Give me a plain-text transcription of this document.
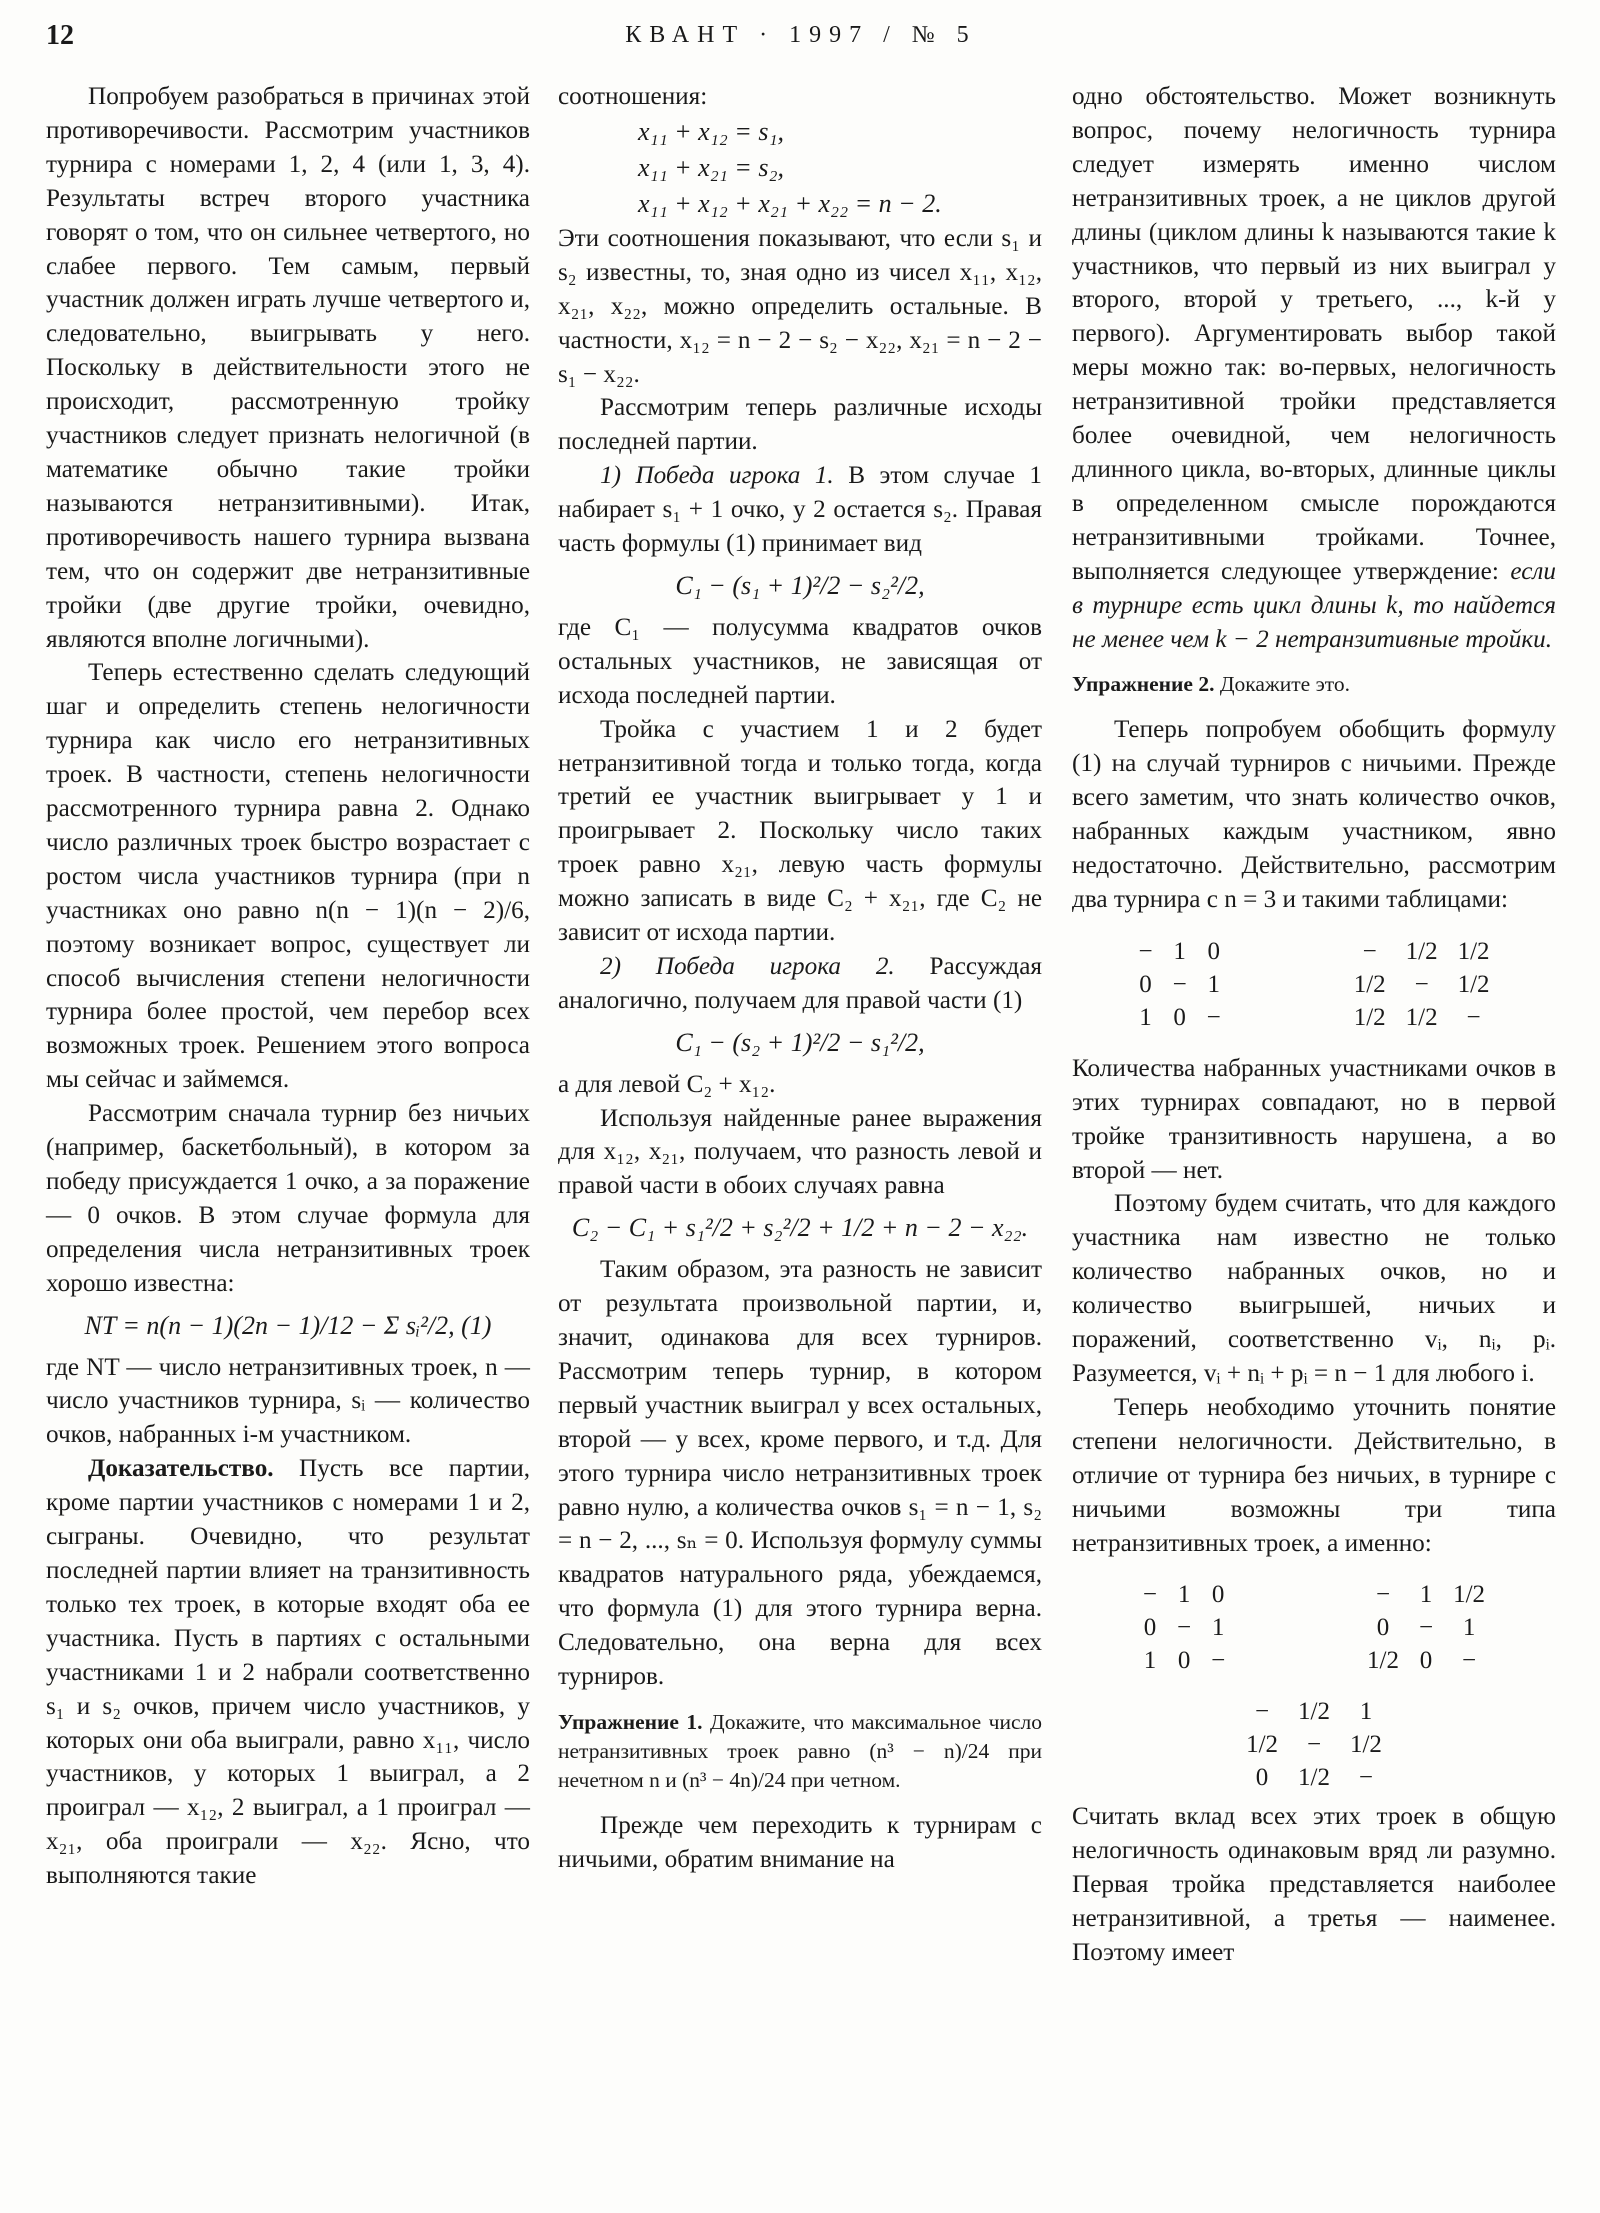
12	КВАНТ · 1997 / № 5

Попробуем разобраться в причинах этой противоречивости. Рассмотрим участников турнира с номерами 1, 2, 4 (или 1, 3, 4). Результаты встреч второго участника говорят о том, что он сильнее четвертого, но слабее первого. Тем самым, первый участник должен играть лучше четвертого и, следовательно, выигрывать у него. Поскольку в действительности этого не происходит, рассмотренную тройку участников следует признать нелогичной (в математике обычно такие тройки называются нетранзитивными). Итак, противоречивость нашего турнира вызвана тем, что он содержит две нетранзитивные тройки (две другие тройки, очевидно, являются вполне логичными).

Теперь естественно сделать следующий шаг и определить степень нелогичности турнира как число его нетранзитивных троек. В частности, степень нелогичности рассмотренного турнира равна 2. Однако число различных троек быстро возрастает с ростом числа участников турнира (при n участниках оно равно n(n − 1)(n − 2)/6, поэтому возникает вопрос, существует ли способ вычисления степени нелогичности турнира более простой, чем перебор всех возможных троек. Решением этого вопроса мы сейчас и займемся.

Рассмотрим сначала турнир без ничьих (например, баскетбольный), в котором за победу присуждается 1 очко, а за поражение — 0 очков. В этом случае формула для определения числа нетранзитивных троек хорошо известна:

NT = n(n − 1)(2n − 1)/12 − Σ sᵢ²/2, (1)

где NT — число нетранзитивных троек, n — число участников турнира, sᵢ — количество очков, набранных i-м участником.

Доказательство. Пусть все партии, кроме партии участников с номерами 1 и 2, сыграны. Очевидно, что результат последней партии влияет на транзитивность только тех троек, в которые входят оба ее участника. Пусть в партиях с остальными участниками 1 и 2 набрали соответственно s₁ и s₂ очков, причем число участников, у которых они оба выиграли, равно x₁₁, число участников, у которых 1 выиграл, а 2 проиграл — x₁₂, 2 выиграл, а 1 проиграл — x₂₁, оба проиграли — x₂₂. Ясно, что выполняются такие

соотношения:

x₁₁ + x₁₂ = s₁,
x₁₁ + x₂₁ = s₂,
x₁₁ + x₁₂ + x₂₁ + x₂₂ = n − 2.

Эти соотношения показывают, что если s₁ и s₂ известны, то, зная одно из чисел x₁₁, x₁₂, x₂₁, x₂₂, можно определить остальные. В частности, x₁₂ = n − 2 − s₂ − x₂₂, x₂₁ = n − 2 − s₁ − x₂₂.

Рассмотрим теперь различные исходы последней партии.

1) Победа игрока 1. В этом случае 1 набирает s₁ + 1 очко, у 2 остается s₂. Правая часть формулы (1) принимает вид

C₁ − (s₁ + 1)²/2 − s₂²/2,

где C₁ — полусумма квадратов очков остальных участников, не зависящая от исхода последней партии.

Тройка с участием 1 и 2 будет нетранзитивной тогда и только тогда, когда третий ее участник выигрывает у 1 и проигрывает 2. Поскольку число таких троек равно x₂₁, левую часть формулы можно записать в виде C₂ + x₂₁, где C₂ не зависит от исхода партии.

2) Победа игрока 2. Рассуждая аналогично, получаем для правой части (1)

C₁ − (s₂ + 1)²/2 − s₁²/2,

а для левой C₂ + x₁₂.

Используя найденные ранее выражения для x₁₂, x₂₁, получаем, что разность левой и правой части в обоих случаях равна

C₂ − C₁ + s₁²/2 + s₂²/2 + 1/2 + n − 2 − x₂₂.

Таким образом, эта разность не зависит от результата произвольной партии, и, значит, одинакова для всех турниров. Рассмотрим теперь турнир, в котором первый участник выиграл у всех остальных, второй — у всех, кроме первого, и т.д. Для этого турнира число нетранзитивных троек равно нулю, а количества очков s₁ = n − 1, s₂ = n − 2, ..., sₙ = 0. Используя формулу суммы квадратов натурального ряда, убеждаемся, что формула (1) для этого турнира верна. Следовательно, она верна для всех турниров.

Упражнение 1. Докажите, что максимальное число нетранзитивных троек равно (n³ − n)/24 при нечетном n и (n³ − 4n)/24 при четном.

Прежде чем переходить к турнирам с ничьими, обратим внимание на

одно обстоятельство. Может возникнуть вопрос, почему нелогичность турнира следует измерять именно числом нетранзитивных троек, а не циклов другой длины (циклом длины k называются такие k участников, что первый из них выиграл у второго, второй у третьего, ..., k-й у первого). Аргументировать выбор такой меры можно так: во-первых, нелогичность нетранзитивной тройки представляется более очевидной, чем нелогичность длинного цикла, во-вторых, длинные циклы в определенном смысле порождаются нетранзитивными тройками. Точнее, выполняется следующее утверждение: если в турнире есть цикл длины k, то найдется не менее чем k − 2 нетранзитивные тройки.

Упражнение 2. Докажите это.

Теперь попробуем обобщить формулу (1) на случай турниров с ничьими. Прежде всего заметим, что знать количество очков, набранных каждым участником, явно недостаточно. Действительно, рассмотрим два турнира с n = 3 и такими таблицами:

−	1	0
0	−	1
1	0	−
−	1/2	1/2
1/2	−	1/2
1/2	1/2	−

Количества набранных участниками очков в этих турнирах совпадают, но в первой тройке транзитивность нарушена, а во второй — нет.

Поэтому будем считать, что для каждого участника нам известно не только количество набранных очков, но и количество выигрышей, ничьих и поражений, соответственно vᵢ, nᵢ, pᵢ. Разумеется, vᵢ + nᵢ + pᵢ = n − 1 для любого i.

Теперь необходимо уточнить понятие степени нелогичности. Действительно, в отличие от турнира без ничьих, в турнире с ничьими возможны три типа нетранзитивных троек, а именно:

−	1	0
0	−	1
1	0	−
−	1	1/2
0	−	1
1/2	0	−
−	1/2	1
1/2	−	1/2
0	1/2	−

Считать вклад всех этих троек в общую нелогичность одинаковым вряд ли разумно. Первая тройка представляется наиболее нетранзитивной, а третья — наименее. Поэтому имеет
